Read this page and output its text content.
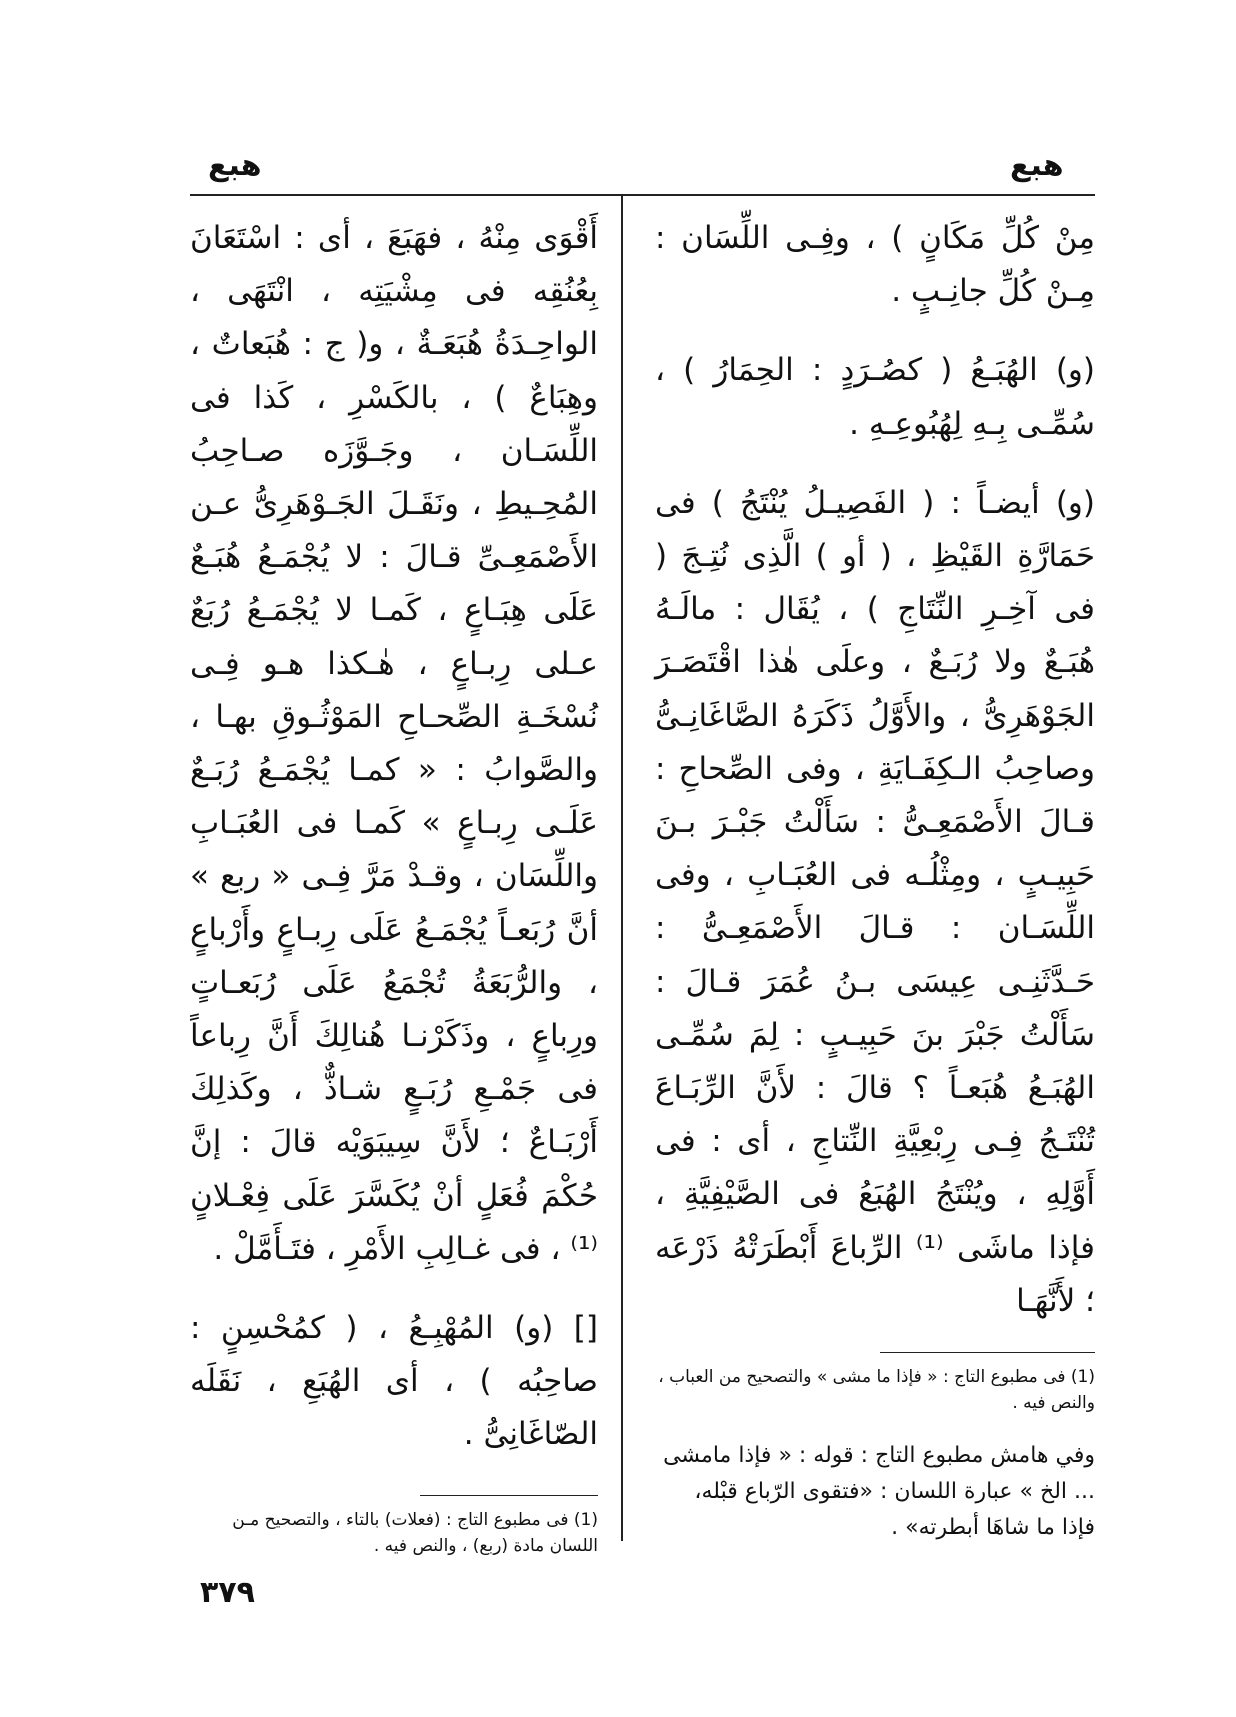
هبع
هبع

مِنْ كُلِّ مَكَانٍ ) ، وفِـى اللِّسَان : مِـنْ كُلِّ جانِـبٍ .

(و) الهُبَـعُ ( كصُـرَدٍ : الحِمَارُ ) ، سُمِّـى بِـهِ لِهُبُوعِـهِ .

(و) أيضـاً : ( الفَصِيـلُ يُنْتَجُ ) فى حَمَارَّةِ القَيْظِ ، ( أو ) الَّذِى نُتِـجَ ( فى آخِـرِ النِّتَاجِ ) ، يُقَال : مالَـهُ هُبَـعٌ ولا رُبَـعٌ ، وعلَى هٰذا اقْتَصَـرَ الجَوْهَرِىُّ ، والأَوَّلُ ذَكَرَهُ الصَّاغَانِـىُّ وصاحِبُ الـكِفَـايَةِ ، وفى الصِّحاحِ : قـالَ الأَصْمَعِـىُّ : سَأَلْتُ جَبْـرَ بـنَ حَبِيـبٍ ، ومِثْلُـه فى العُبَـابِ ، وفى اللِّسَـان : قـالَ الأَصْمَعِـىُّ : حَـدَّثَنِـى عِيسَى بـنُ عُمَرَ قـالَ : سَأَلْتُ جَبْرَ بنَ حَبِيـبٍ : لِمَ سُمِّـى الهُبَـعُ هُبَعـاً ؟ قالَ : لأَنَّ الرِّبَـاعَ تُنْتَـجُ فِـى رِبْعِيَّةِ النِّتاجِ ، أى : فى أَوَّلِهِ ، ويُنْتَجُ الهُبَعُ فى الصَّيْفِيَّةِ ، فإذا ماشَى ⁽¹⁾ الرِّباعَ أَبْطَرَتْهُ ذَرْعَه ؛ لأَنَّهَـا

أَقْوَى مِنْهُ ، فهَبَعَ ، أى : اسْتَعَانَ بِعُنُقِه فى مِشْيَتِه ، انْتَهَى ، الواحِـدَةُ هُبَعَـةٌ ، و( ج : هُبَعاتٌ ، وهِبَاعٌ ) ، بالكَسْرِ ، كَذا فى اللِّسَـان ، وجَـوَّزَه صـاحِبُ المُحِـيطِ ، ونَقَـلَ الجَـوْهَرِىُّ عـن الأَصْمَعِـىِّ قـالَ : لا يُجْمَـعُ هُبَـعٌ عَلَى هِبَـاعٍ ، كَمـا لا يُجْمَـعُ رُبَعٌ عـلى رِبـاعٍ ، هٰـكذا هـو فِـى نُسْخَـةِ الصِّحـاحِ المَوْثُـوقِ بهـا ، والصَّوابُ : « كمـا يُجْمَـعُ رُبَـعٌ عَلَـى رِبـاعٍ » كَمـا فى العُبَـابِ واللِّسَان ، وقـدْ مَرَّ فِـى « ربع » أنَّ رُبَعـاً يُجْمَـعُ عَلَى رِبـاعٍ وأَرْباعٍ ، والرُّبَعَةُ تُجْمَعُ عَلَى رُبَعـاتٍ ورِباعٍ ، وذَكَرْنـا هُنالِكَ أَنَّ رِباعاً فى جَمْـعِ رُبَـعٍ شـاذٌّ ، وكَذلِكَ أَرْبَـاعٌ ؛ لأَنَّ سِيبَوَيْه قالَ : إنَّ حُكْمَ فُعَلٍ أنْ يُكَسَّرَ عَلَى فِعْـلانٍ ⁽¹⁾ ، فى غـالِبِ الأَمْرِ ، فتَـأَمَّلْ .

[] (و) المُهْبِـعُ ، ( كمُحْسِنٍ : صاحِبُه ) ، أى الهُبَعِ ، نَقَلَه الصّاغَانِىُّ .

(1) فى مطبوع التاج : « فإذا ما مشى » والتصحيح من العباب ، والنص فيه .
وفي هامش مطبوع التاج : قوله : « فإذا مامشى ... الخ » عبارة اللسان : «فتقوى الرّباع قبْله، فإذا ما شاهَا أبطرته» .
(1) فى مطبوع التاج : (فعلات) بالتاء ، والتصحيح مـن اللسان مادة (ربع) ، والنص فيه .
٣٧٩
